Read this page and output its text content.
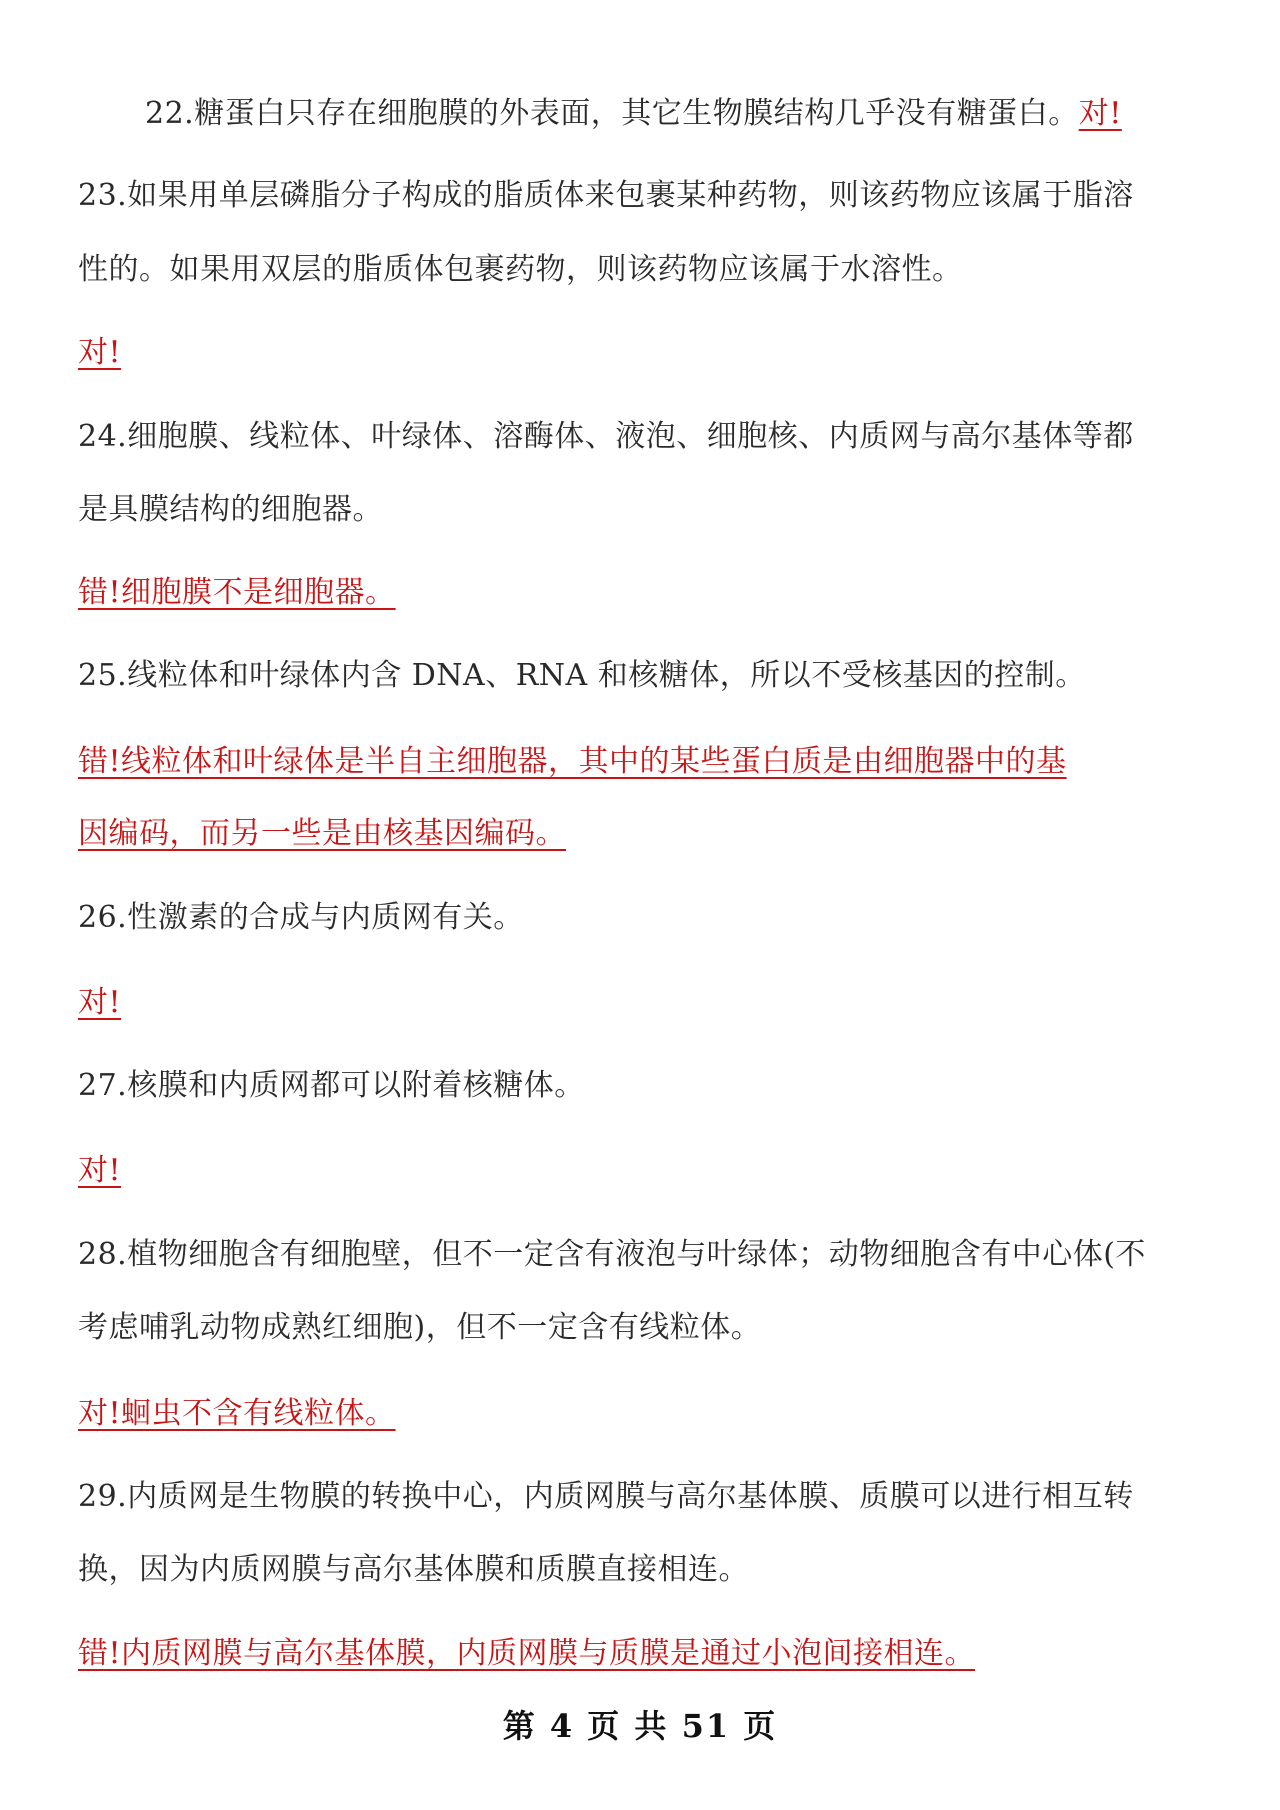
22.糖蛋白只存在细胞膜的外表面，其它生物膜结构几乎没有糖蛋白。对!
23.如果用单层磷脂分子构成的脂质体来包裹某种药物，则该药物应该属于脂溶
性的。如果用双层的脂质体包裹药物，则该药物应该属于水溶性。
对!
24.细胞膜、线粒体、叶绿体、溶酶体、液泡、细胞核、内质网与高尔基体等都
是具膜结构的细胞器。
错!细胞膜不是细胞器。
25.线粒体和叶绿体内含 DNA、RNA 和核糖体，所以不受核基因的控制。
错!线粒体和叶绿体是半自主细胞器，其中的某些蛋白质是由细胞器中的基
因编码，而另一些是由核基因编码。
26.性激素的合成与内质网有关。
对!
27.核膜和内质网都可以附着核糖体。
对!
28.植物细胞含有细胞壁，但不一定含有液泡与叶绿体；动物细胞含有中心体(不
考虑哺乳动物成熟红细胞)，但不一定含有线粒体。
对!蛔虫不含有线粒体。
29.内质网是生物膜的转换中心，内质网膜与高尔基体膜、质膜可以进行相互转
换，因为内质网膜与高尔基体膜和质膜直接相连。
错!内质网膜与高尔基体膜，内质网膜与质膜是通过小泡间接相连。
第 4 页 共 51 页
